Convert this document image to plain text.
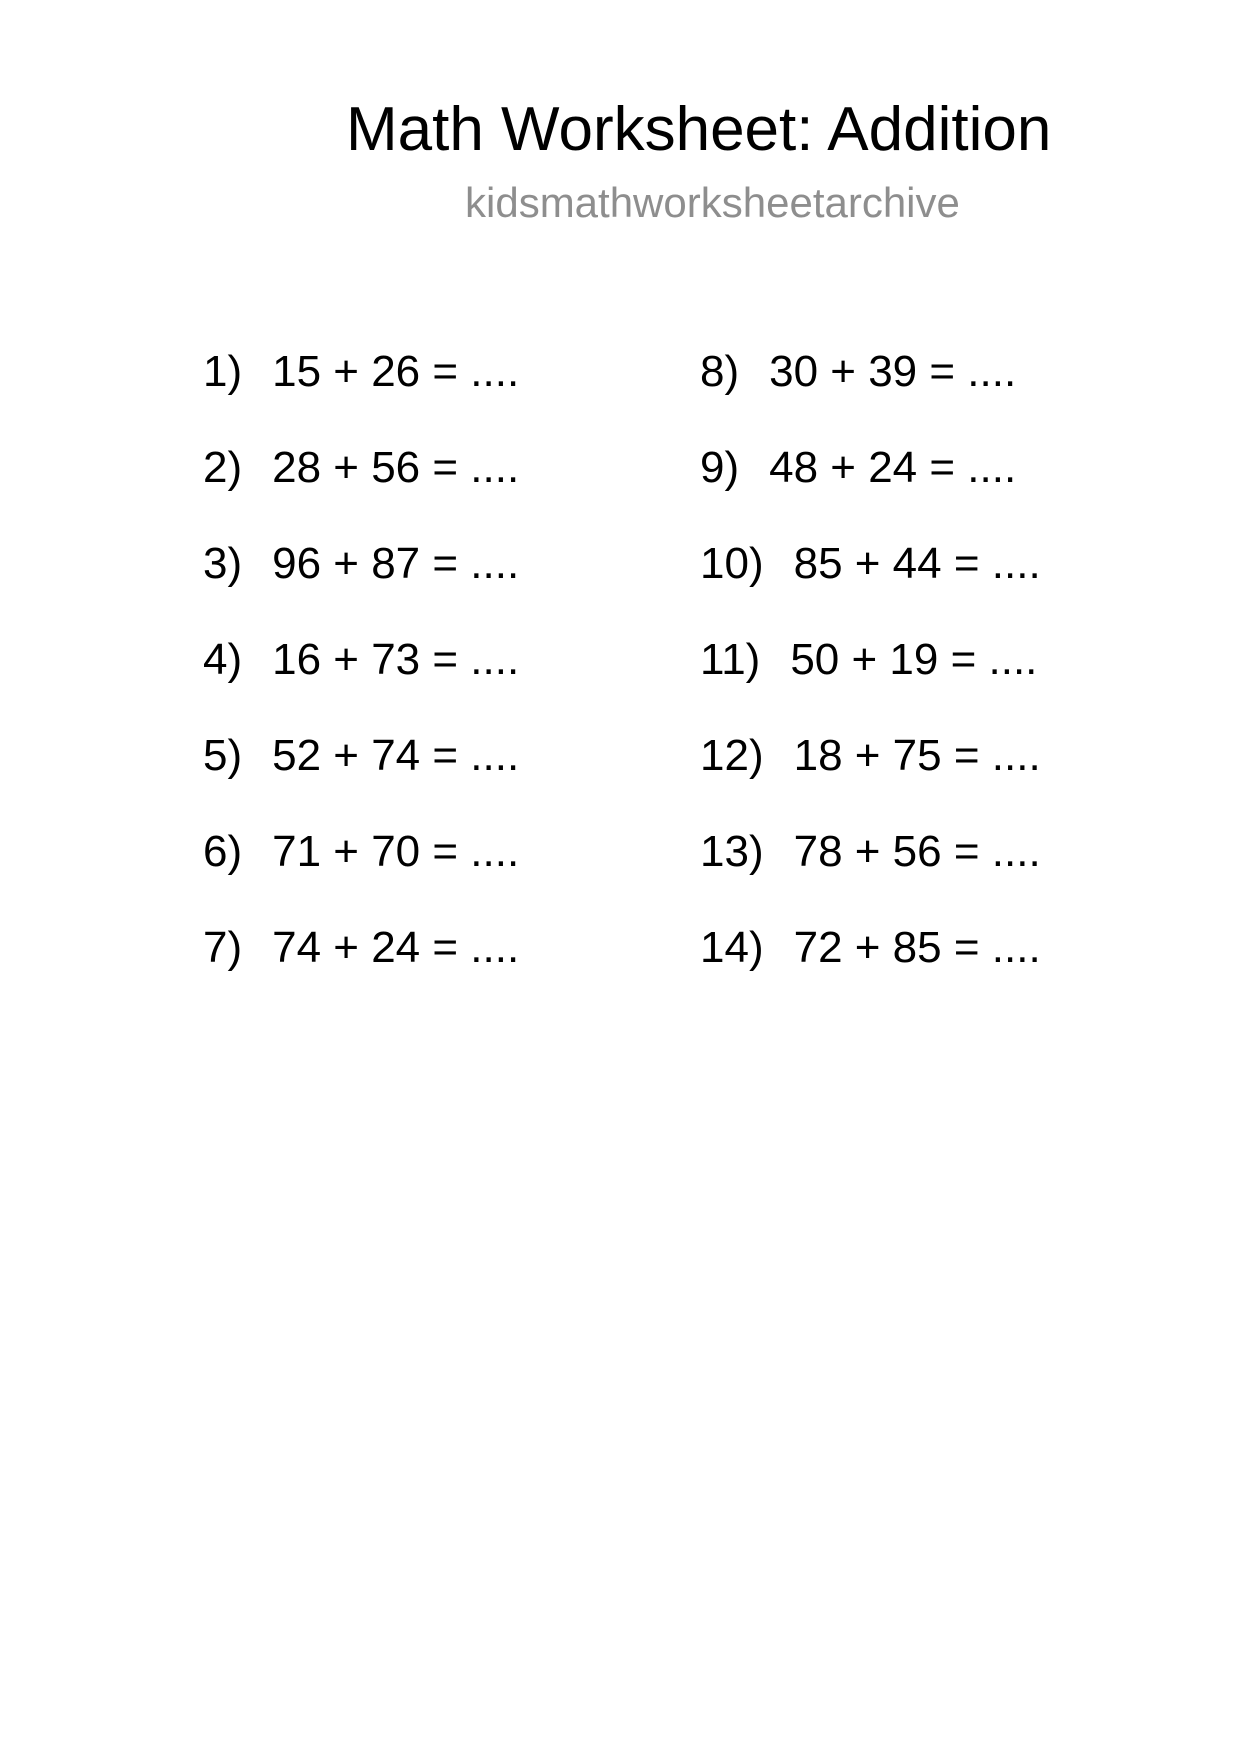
Math Worksheet: Addition
kidsmathworksheetarchive
1) 15 + 26 = ....
2) 28 + 56 = ....
3) 96 + 87 = ....
4) 16 + 73 = ....
5) 52 + 74 = ....
6) 71 + 70 = ....
7) 74 + 24 = ....
8) 30 + 39 = ....
9) 48 + 24 = ....
10) 85 + 44 = ....
11) 50 + 19 = ....
12) 18 + 75 = ....
13) 78 + 56 = ....
14) 72 + 85 = ....
